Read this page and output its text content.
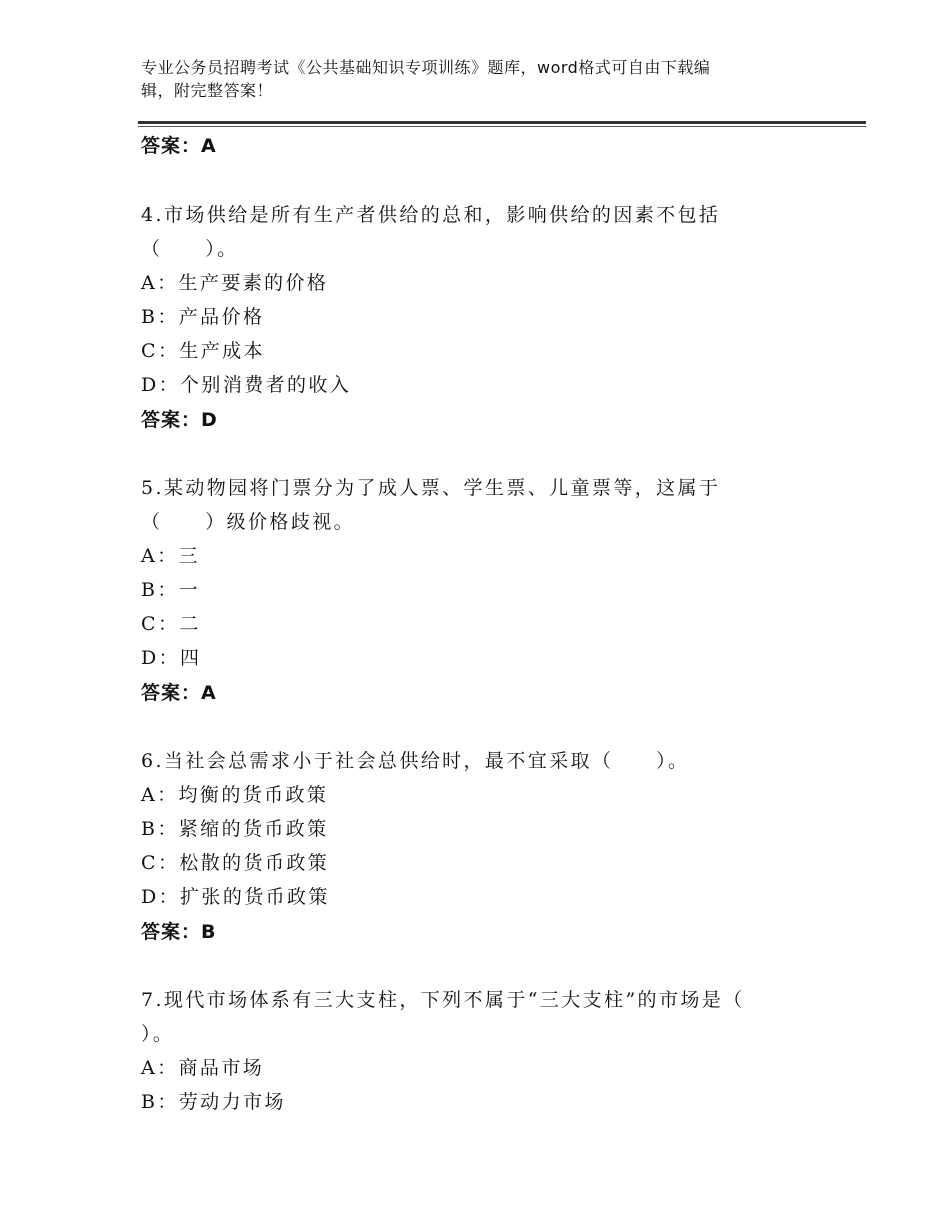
专业公务员招聘考试《公共基础知识专项训练》题库，word格式可自由下载编
辑，附完整答案！
答案：A
4.市场供给是所有生产者供给的总和，影响供给的因素不包括
（　　）。
A：生产要素的价格
B：产品价格
C：生产成本
D：个别消费者的收入
答案：D
5.某动物园将门票分为了成人票、学生票、儿童票等，这属于
（　　）级价格歧视。
A：三
B：一
C：二
D：四
答案：A
6.当社会总需求小于社会总供给时，最不宜采取（　　）。
A：均衡的货币政策
B：紧缩的货币政策
C：松散的货币政策
D：扩张的货币政策
答案：B
7.现代市场体系有三大支柱，下列不属于“三大支柱”的市场是（
）。
A：商品市场
B：劳动力市场
